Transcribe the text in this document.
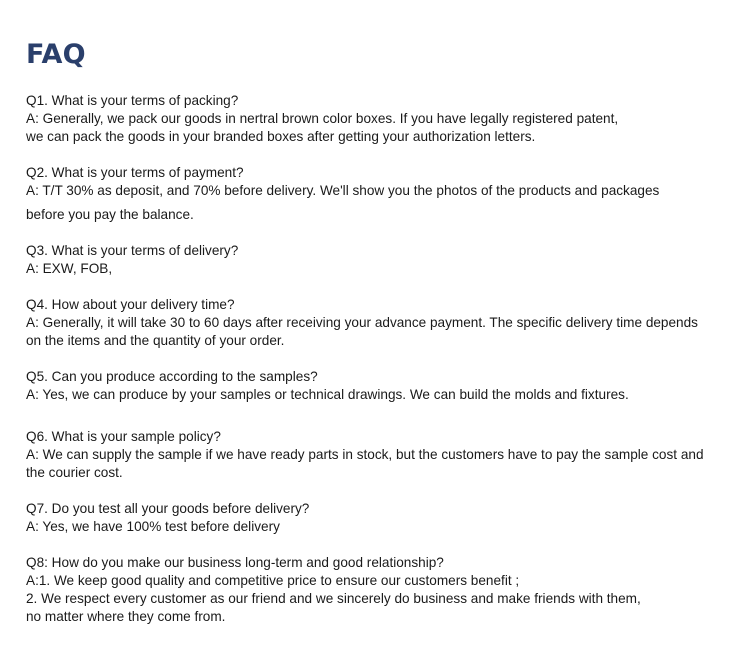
FAQ
Q1. What is your terms of packing?
A: Generally, we pack our goods in nertral brown color boxes. If you have legally registered patent,
we can pack the goods in your branded boxes after getting your authorization letters.
Q2. What is your terms of payment?
A: T/T 30% as deposit, and 70% before delivery. We'll show you the photos of the products and packages
before you pay the balance.
Q3. What is your terms of delivery?
A: EXW, FOB,
Q4. How about your delivery time?
A: Generally, it will take 30 to 60 days after receiving your advance payment. The specific delivery time depends
on the items and the quantity of your order.
Q5. Can you produce according to the samples?
A: Yes, we can produce by your samples or technical drawings. We can build the molds and fixtures.
Q6. What is your sample policy?
A: We can supply the sample if we have ready parts in stock, but the customers have to pay the sample cost and
the courier cost.
Q7. Do you test all your goods before delivery?
A: Yes, we have 100% test before delivery
Q8: How do you make our business long-term and good relationship?
A:1. We keep good quality and competitive price to ensure our customers benefit ;
2. We respect every customer as our friend and we sincerely do business and make friends with them,
no matter where they come from.
